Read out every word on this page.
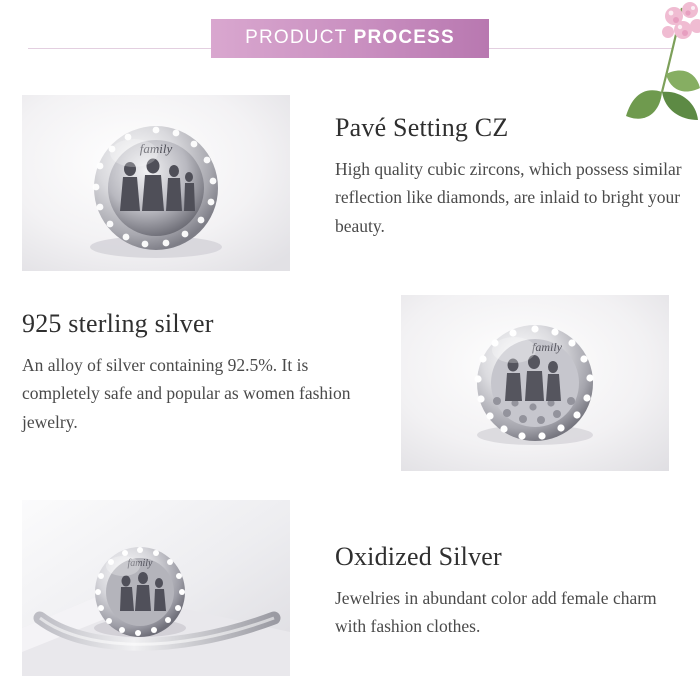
PRODUCT PROCESS
family
Pavé Setting CZ

High quality cubic zircons, which possess similar reflection like diamonds, are inlaid to bright your beauty.

family
925 sterling silver

An alloy of silver containing 92.5%. It is completely safe and popular as women fashion jewelry.

family	Oxidized Silver

Jewelries in abundant color add female charm with fashion clothes.
